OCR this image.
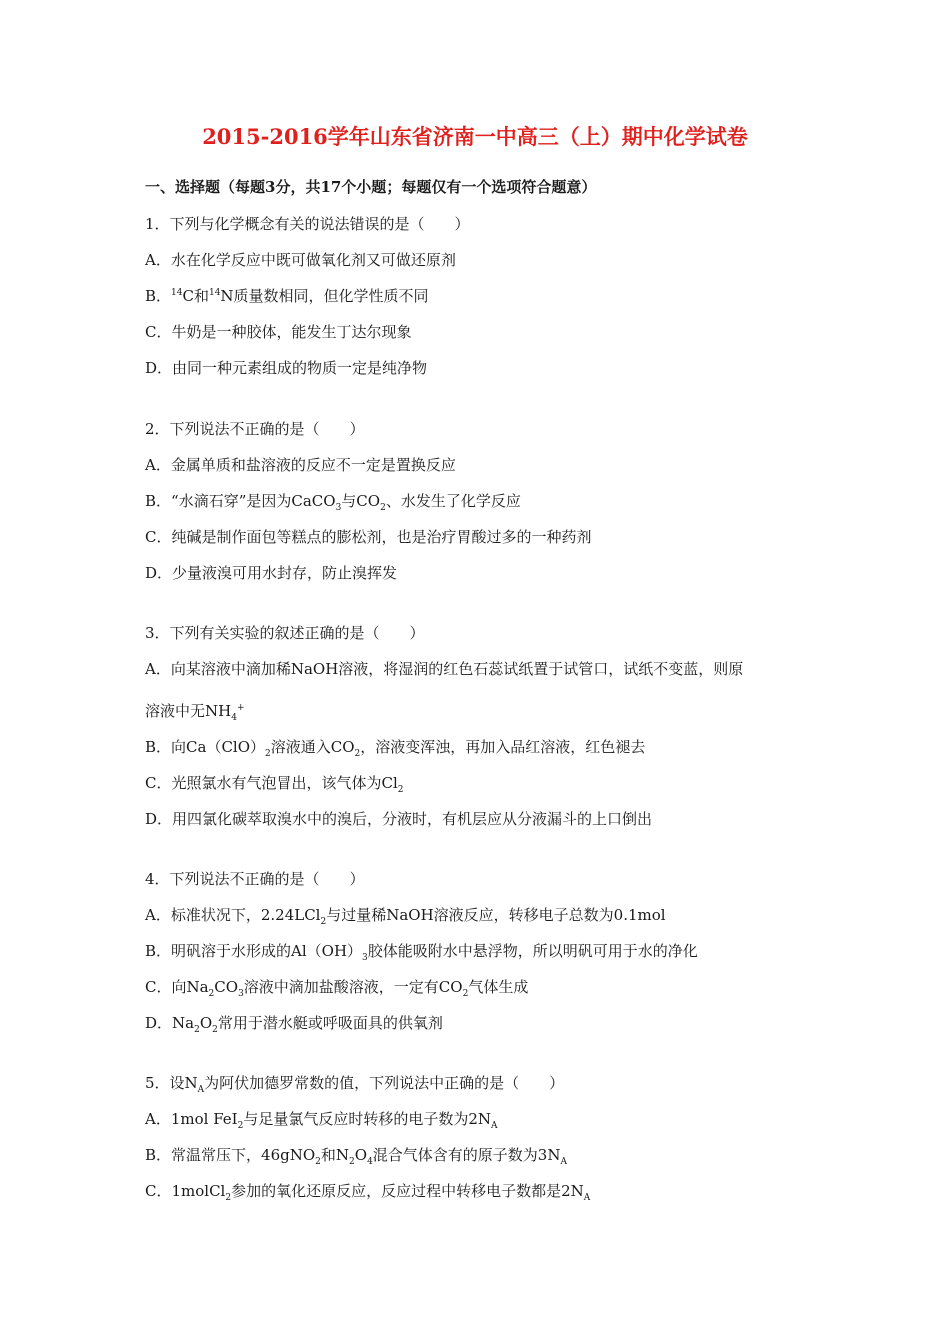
2015-2016学年山东省济南一中高三（上）期中化学试卷
一、选择题（每题3分，共17个小题；每题仅有一个选项符合题意）
1．下列与化学概念有关的说法错误的是（　　）
A．水在化学反应中既可做氧化剂又可做还原剂
B．$^{14}$C和$^{14}$N质量数相同，但化学性质不同
C．牛奶是一种胶体，能发生丁达尔现象
D．由同一种元素组成的物质一定是纯净物
2．下列说法不正确的是（　　）
A．金属单质和盐溶液的反应不一定是置换反应
B．“水滴石穿”是因为CaCO$_3$与$CO_2$、水发生了化学反应
C．纯碱是制作面包等糕点的膨松剂，也是治疗胃酸过多的一种药剂
D．少量液溴可用水封存，防止溴挥发
3．下列有关实验的叙述正确的是（　　）
A．向某溶液中滴加稀NaOH溶液，将湿润的红色石蕊试纸置于试管口，试纸不变蓝，则原
溶液中无$NH_4^+$
B．向$Ca(ClO)_2$溶液通入$CO_2$，溶液变浑浊，再加入品红溶液，红色褪去
C．光照氯水有气泡冒出，该气体为$Cl_2$
D．用四氯化碳萃取溴水中的溴后，分液时，有机层应从分液漏斗的上口倒出
4．下列说法不正确的是（　　）
A．标准状况下，2.24LCl$_2$与过量稀NaOH溶液反应，转移电子总数为0.1mol
B．明矾溶于水形成的$Al(OH)_3$胶体能吸附水中悬浮物，所以明矾可用于水的净化
C．向$Na_2CO_3$溶液中滴加盐酸溶液，一定有$CO_2$气体生成
D．$Na_2O_2$常用于潜水艇或呼吸面具的供氧剂
5．设$N_A$为阿伏加德罗常数的值，下列说法中正确的是（　　）
A．1mol FeI$_2$与足量氯气反应时转移的电子数为$2N_A$
B．常温常压下，46gNO$_2$和$N_2O_4$混合气体含有的原子数为$3N_A$
C．1molCl$_2$参加的氧化还原反应，反应过程中转移电子数都是$2N_A$
